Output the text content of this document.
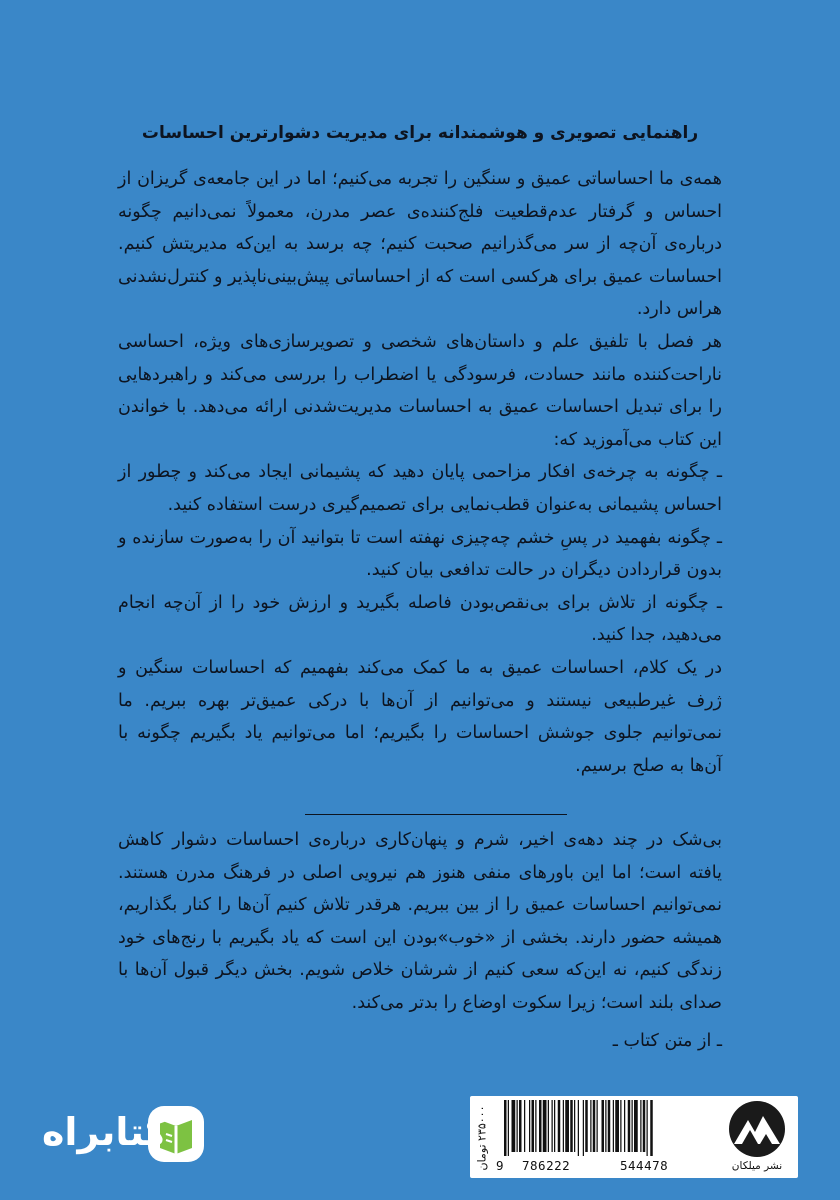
راهنمایی تصویری و هوشمندانه برای مدیریت دشوارترین احساسات

همه‌ی ما احساساتی عمیق و سنگین را تجربه می‌کنیم؛ اما در این جامعه‌ی گریزان از احساس و گرفتار عدم‌قطعیت فلج‌کننده‌ی عصر مدرن، معمولاً نمی‌دانیم چگونه درباره‌ی آن‌چه از سر می‌گذرانیم صحبت کنیم؛ چه برسد به این‌که مدیریتش کنیم. احساسات عمیق برای هرکسی است که از احساساتی پیش‌بینی‌ناپذیر و کنترل‌نشدنی هراس دارد.

هر فصل با تلفیق علم و داستان‌های شخصی و تصویرسازی‌های ویژه، احساسی ناراحت‌کننده مانند حسادت، فرسودگی یا اضطراب را بررسی می‌کند و راهبردهایی را برای تبدیل احساسات عمیق به احساسات مدیریت‌شدنی ارائه می‌دهد. با خواندن این کتاب می‌آموزید که:

ـ چگونه به چرخه‌ی افکار مزاحمی پایان دهید که پشیمانی ایجاد می‌کند و چطور از احساس پشیمانی به‌عنوان قطب‌نمایی برای تصمیم‌گیری درست استفاده کنید.

ـ چگونه بفهمید در پسِ خشم چه‌چیزی نهفته است تا بتوانید آن را به‌صورت سازنده و بدون قراردادن دیگران در حالت تدافعی بیان کنید.

ـ چگونه از تلاش برای بی‌نقص‌بودن فاصله بگیرید و ارزش خود را از آن‌چه انجام می‌دهید، جدا کنید.

در یک کلام، احساسات عمیق به ما کمک می‌کند بفهمیم که احساسات سنگین و ژرف غیرطبیعی نیستند و می‌توانیم از آن‌ها با درکی عمیق‌تر بهره ببریم. ما نمی‌توانیم جلوی جوشش احساسات را بگیریم؛ اما می‌توانیم یاد بگیریم چگونه با آن‌ها به صلح برسیم.

بی‌شک در چند دهه‌ی اخیر، شرم و پنهان‌کاری درباره‌ی احساسات دشوار کاهش یافته است؛ اما این باورهای منفی هنوز هم نیرویی اصلی در فرهنگ مدرن هستند. نمی‌توانیم احساسات عمیق را از بین ببریم. هرقدر تلاش کنیم آن‌ها را کنار بگذاریم، همیشه حضور دارند. بخشی از «خوب»بودن این است که یاد بگیریم با رنج‌های خود زندگی کنیم، نه این‌که سعی کنیم از شرشان خلاص شویم. بخش دیگر قبول آن‌ها با صدای بلند است؛ زیرا سکوت اوضاع را بدتر می‌کند.

ـ از متن کتاب ـ
کتابراه
۲۳۵۰۰۰ تومان
9 786222	544478	نشر میلکان
